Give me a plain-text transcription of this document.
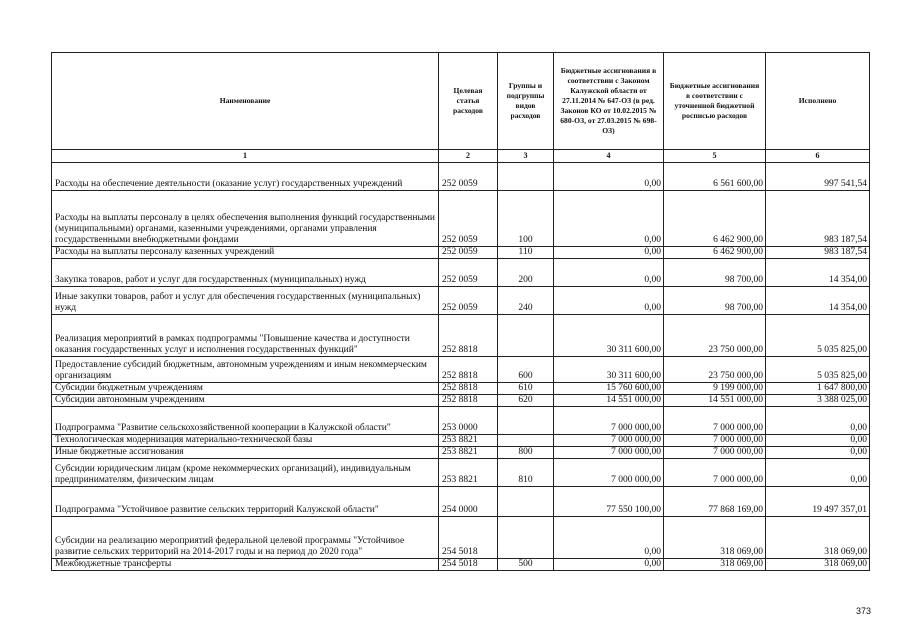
Наименование	Целевая статья расходов	Группы и подгруппы видов расходов	Бюджетные ассигнования в соответствии с Законом Калужской области от 27.11.2014 № 647-ОЗ (в ред. Законов КО от 10.02.2015 № 680-ОЗ, от 27.03.2015 № 698-ОЗ)	Бюджетные ассигнования в соответствии с уточненной бюджетной росписью расходов	Исполнено
1	2	3	4	5	6
Расходы на обеспечение деятельности (оказание услуг) государственных учреждений	252 0059		0,00	6 561 600,00	997 541,54
Расходы на выплаты персоналу в целях обеспечения выполнения функций государственными (муниципальными) органами, казенными учреждениями, органами управления государственными внебюджетными фондами	252 0059	100	0,00	6 462 900,00	983 187,54
Расходы на выплаты персоналу казенных учреждений	252 0059	110	0,00	6 462 900,00	983 187,54
Закупка товаров, работ и услуг для государственных (муниципальных) нужд	252 0059	200	0,00	98 700,00	14 354,00
Иные закупки товаров, работ и услуг для обеспечения государственных (муниципальных) нужд	252 0059	240	0,00	98 700,00	14 354,00
Реализация мероприятий в рамках подпрограммы "Повышение качества и доступности оказания государственных услуг и исполнения государственных функций"	252 8818		30 311 600,00	23 750 000,00	5 035 825,00
Предоставление субсидий бюджетным, автономным учреждениям и иным некоммерческим организациям	252 8818	600	30 311 600,00	23 750 000,00	5 035 825,00
Субсидии бюджетным учреждениям	252 8818	610	15 760 600,00	9 199 000,00	1 647 800,00
Субсидии автономным учреждениям	252 8818	620	14 551 000,00	14 551 000,00	3 388 025,00
Подпрограмма "Развитие сельскохозяйственной кооперации в Калужской области"	253 0000		7 000 000,00	7 000 000,00	0,00
Технологическая модернизация материально-технической базы	253 8821		7 000 000,00	7 000 000,00	0,00
Иные бюджетные ассигнования	253 8821	800	7 000 000,00	7 000 000,00	0,00
Субсидии юридическим лицам (кроме некоммерческих организаций), индивидуальным предпринимателям, физическим лицам	253 8821	810	7 000 000,00	7 000 000,00	0,00
Подпрограмма "Устойчивое развитие сельских территорий Калужской области"	254 0000		77 550 100,00	77 868 169,00	19 497 357,01
Субсидии на реализацию мероприятий федеральной целевой программы "Устойчивое развитие сельских территорий на 2014-2017 годы и на период до 2020 года"	254 5018		0,00	318 069,00	318 069,00
Межбюджетные трансферты	254 5018	500	0,00	318 069,00	318 069,00
373
